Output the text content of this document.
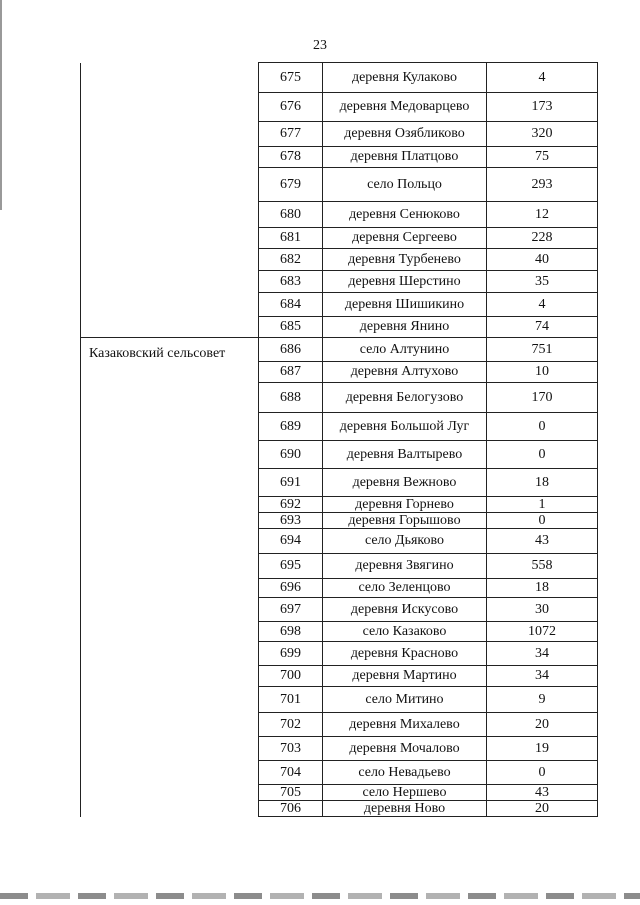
23
	675	деревня Кулаково	4
	676	деревня Медоварцево	173
	677	деревня Озябликово	320
	678	деревня Платцово	75
	679	село Польцо	293
	680	деревня Сенюково	12
	681	деревня Сергеево	228
	682	деревня Турбенево	40
	683	деревня Шерстино	35
	684	деревня Шишикино	4
	685	деревня Янино	74
Казаковский сельсовет	686	село Алтунино	751
	687	деревня Алтухово	10
	688	деревня Белогузово	170
	689	деревня Большой Луг	0
	690	деревня Валтырево	0
	691	деревня Вежново	18
	692	деревня Горнево	1
	693	деревня Горышово	0
	694	село Дьяково	43
	695	деревня Звягино	558
	696	село Зеленцово	18
	697	деревня Искусово	30
	698	село Казаково	1072
	699	деревня Красново	34
	700	деревня Мартино	34
	701	село Митино	9
	702	деревня Михалево	20
	703	деревня Мочалово	19
	704	село Невадьево	0
	705	село Нершево	43
	706	деревня Ново	20
